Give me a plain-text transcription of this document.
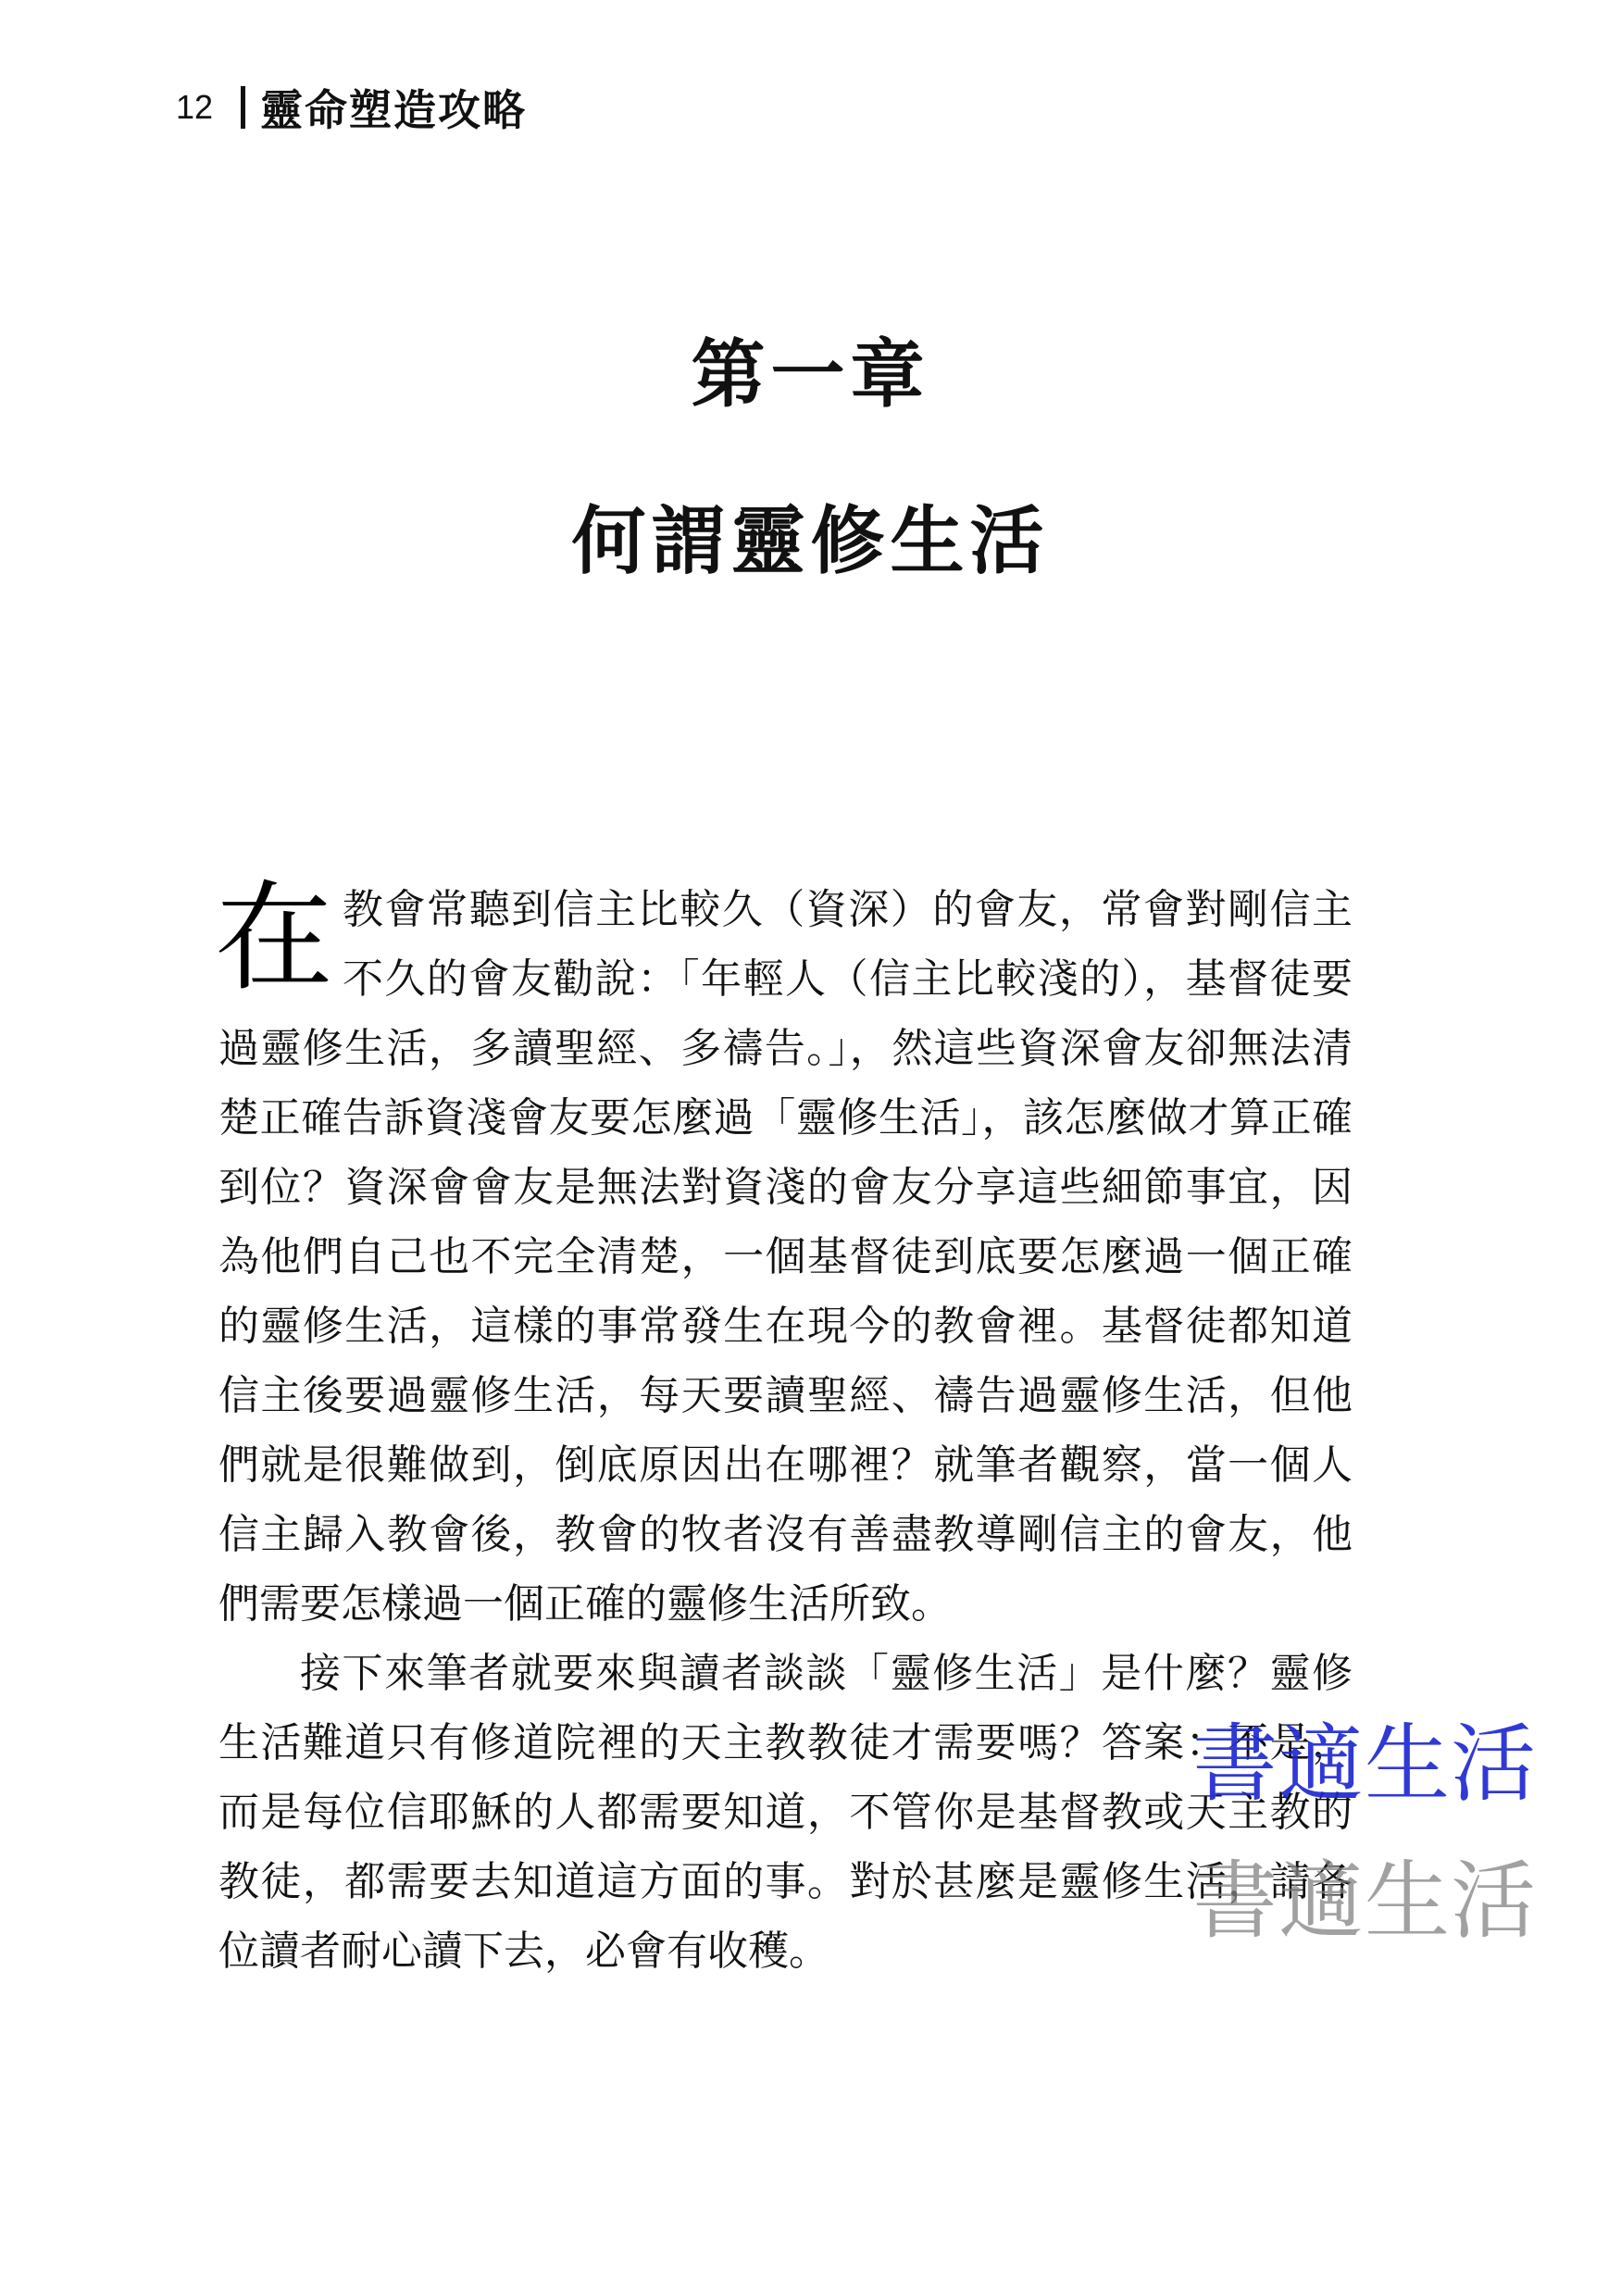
12 靈命塑造攻略
第一章
何謂靈修生活

在 教會常聽到信主比較久（資深）的會友，常會對剛信主不久的會友勸說：「年輕人（信主比較淺的），基督徒要過靈修生活，多讀聖經、多禱告。」，然這些資深會友卻無法清楚正確告訴資淺會友要怎麼過「靈修生活」，該怎麼做才算正確到位？資深會會友是無法對資淺的會友分享這些細節事宜，因為他們自己也不完全清楚，一個基督徒到底要怎麼過一個正確的靈修生活，這樣的事常發生在現今的教會裡。基督徒都知道信主後要過靈修生活，每天要讀聖經、禱告過靈修生活，但他們就是很難做到，倒底原因出在哪裡？就筆者觀察，當一個人信主歸入教會後，教會的牧者沒有善盡教導剛信主的會友，他們需要怎樣過一個正確的靈修生活所致。

接下來筆者就要來與讀者談談「靈修生活」是什麼？靈修生活難道只有修道院裡的天主教教徒才需要嗎？答案：不是，而是每位信耶穌的人都需要知道，不管你是基督教或天主教的教徒，都需要去知道這方面的事。對於甚麼是靈修生活，請各位讀者耐心讀下去，必會有收穫。

書適生活
書適生活
